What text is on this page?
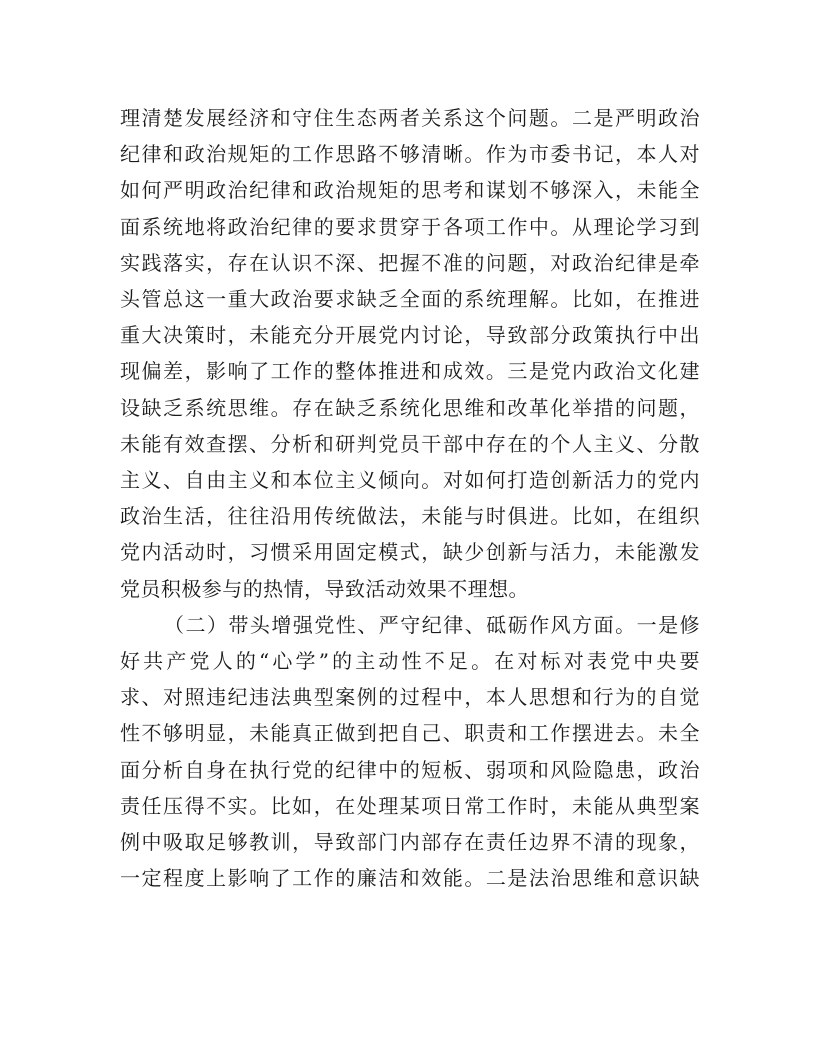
理清楚发展经济和守住生态两者关系这个问题。二是严明政治
纪律和政治规矩的工作思路不够清晰。作为市委书记，本人对
如何严明政治纪律和政治规矩的思考和谋划不够深入，未能全
面系统地将政治纪律的要求贯穿于各项工作中。从理论学习到
实践落实，存在认识不深、把握不准的问题，对政治纪律是牵
头管总这一重大政治要求缺乏全面的系统理解。比如，在推进
重大决策时，未能充分开展党内讨论，导致部分政策执行中出
现偏差，影响了工作的整体推进和成效。三是党内政治文化建
设缺乏系统思维。存在缺乏系统化思维和改革化举措的问题，
未能有效查摆、分析和研判党员干部中存在的个人主义、分散
主义、自由主义和本位主义倾向。对如何打造创新活力的党内
政治生活，往往沿用传统做法，未能与时俱进。比如，在组织
党内活动时，习惯采用固定模式，缺少创新与活力，未能激发
党员积极参与的热情，导致活动效果不理想。
（二）带头增强党性、严守纪律、砥砺作风方面。一是修
好共产党人的“心学”的主动性不足。在对标对表党中央要
求、对照违纪违法典型案例的过程中，本人思想和行为的自觉
性不够明显，未能真正做到把自己、职责和工作摆进去。未全
面分析自身在执行党的纪律中的短板、弱项和风险隐患，政治
责任压得不实。比如，在处理某项日常工作时，未能从典型案
例中吸取足够教训，导致部门内部存在责任边界不清的现象，
一定程度上影响了工作的廉洁和效能。二是法治思维和意识缺
